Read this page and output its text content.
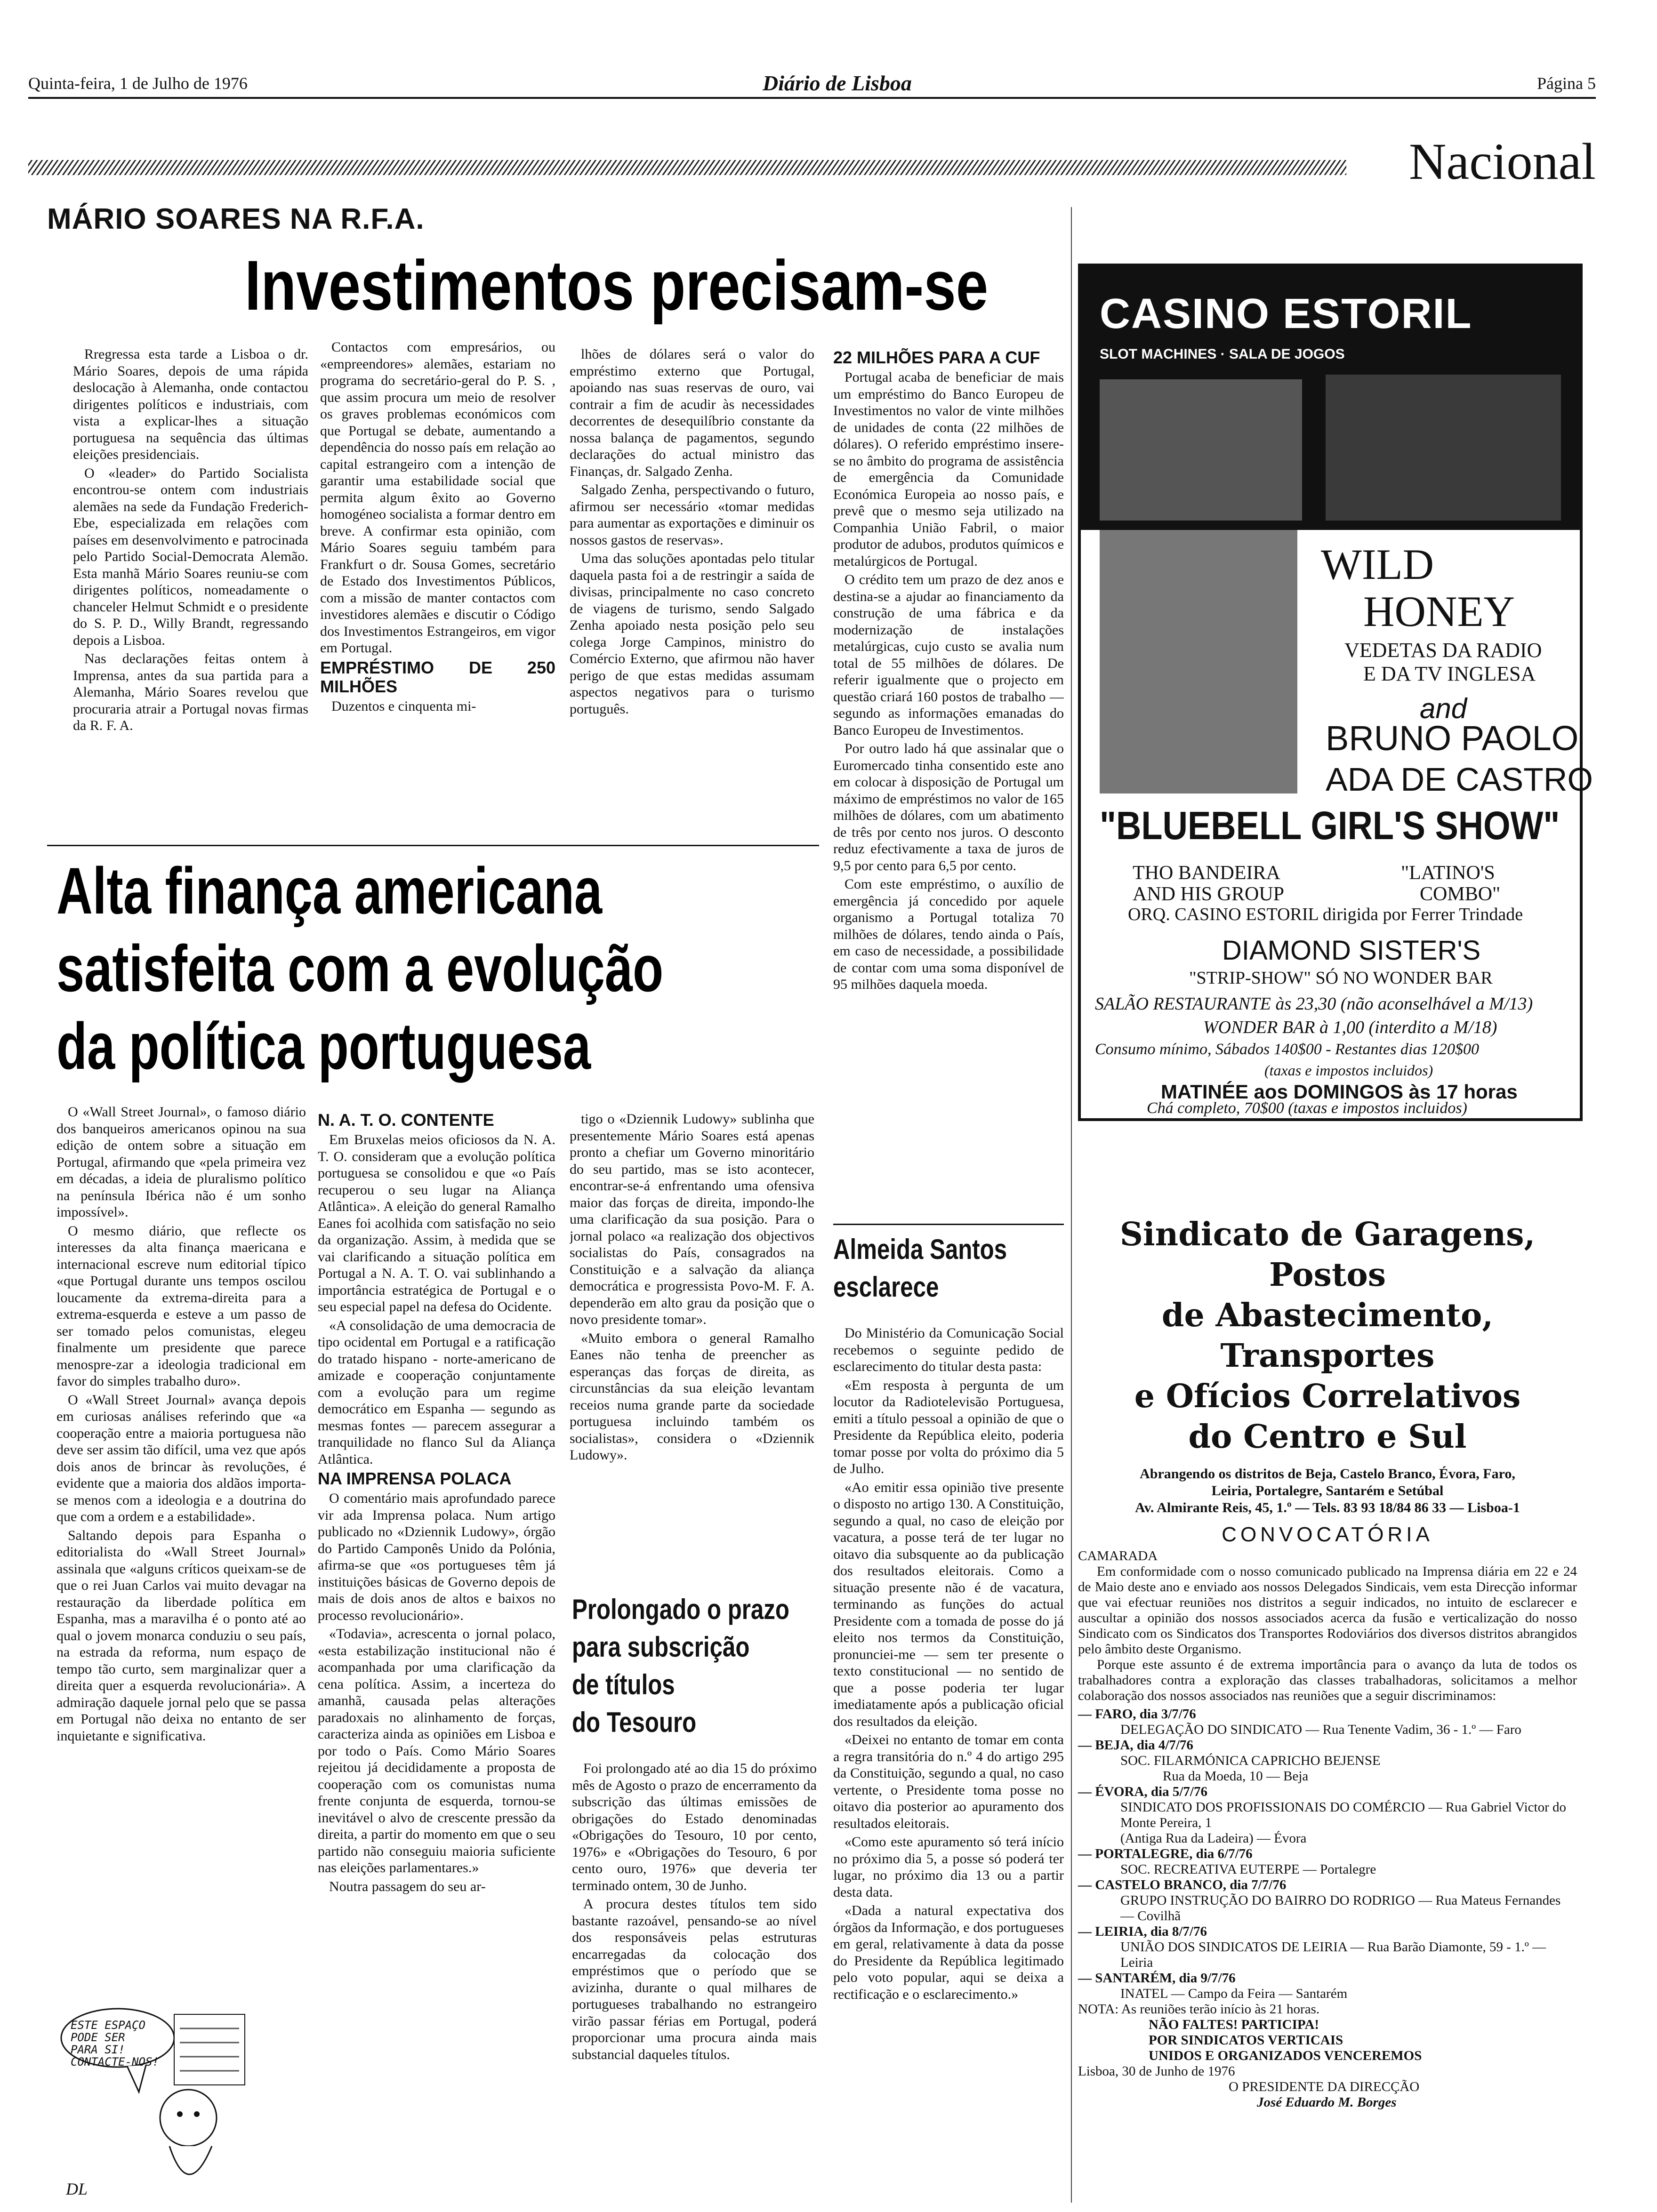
Quinta-feira, 1 de Julho de 1976	Diário de Lisboa	Página 5
Nacional
MÁRIO SOARES NA R.F.A.
Investimentos precisam-se

Rregressa esta tarde a Lisboa o dr. Mário Soares, depois de uma rápida deslocação à Alemanha, onde contactou dirigentes políticos e industriais, com vista a explicar-lhes a situação portuguesa na sequência das últimas eleições presidenciais.

O «leader» do Partido Socialista encontrou-se ontem com industriais alemães na sede da Fundação Frederich-Ebe, especializada em relações com países em desenvolvimento e patrocinada pelo Partido Social-Democrata Alemão. Esta manhã Mário Soares reuniu-se com dirigentes políticos, nomeadamente o chanceler Helmut Schmidt e o presidente do S. P. D., Willy Brandt, regressando depois a Lisboa.

Nas declarações feitas ontem à Imprensa, antes da sua partida para a Alemanha, Mário Soares revelou que procuraria atrair a Portugal novas firmas da R. F. A.

Contactos com empresários, ou «empreendores» alemães, estariam no programa do secretário-geral do P. S. , que assim procura um meio de resolver os graves problemas económicos com que Portugal se debate, aumentando a dependência do nosso país em relação ao capital estrangeiro com a intenção de garantir uma estabilidade social que permita algum êxito ao Governo homogéneo socialista a formar dentro em breve. A confirmar esta opinião, com Mário Soares seguiu também para Frankfurt o dr. Sousa Gomes, secretário de Estado dos Investimentos Públicos, com a missão de manter contactos com investidores alemães e discutir o Código dos Investimentos Estrangeiros, em vigor em Portugal.

EMPRÉSTIMO DE 250 MILHÕES

Duzentos e cinquenta mi-

lhões de dólares será o valor do empréstimo externo que Portugal, apoiando nas suas reservas de ouro, vai contrair a fim de acudir às necessidades decorrentes de desequilíbrio constante da nossa balança de pagamentos, segundo declarações do actual ministro das Finanças, dr. Salgado Zenha.

Salgado Zenha, perspectivando o futuro, afirmou ser necessário «tomar medidas para aumentar as exportações e diminuir os nossos gastos de reservas».

Uma das soluções apontadas pelo titular daquela pasta foi a de restringir a saída de divisas, principalmente no caso concreto de viagens de turismo, sendo Salgado Zenha apoiado nesta posição pelo seu colega Jorge Campinos, ministro do Comércio Externo, que afirmou não haver perigo de que estas medidas assumam aspectos negativos para o turismo português.

22 MILHÕES PARA A CUF

Portugal acaba de beneficiar de mais um empréstimo do Banco Europeu de Investimentos no valor de vinte milhões de unidades de conta (22 milhões de dólares). O referido empréstimo insere-se no âmbito do programa de assistência de emergência da Comunidade Económica Europeia ao nosso país, e prevê que o mesmo seja utilizado na Companhia União Fabril, o maior produtor de adubos, produtos químicos e metalúrgicos de Portugal.

O crédito tem um prazo de dez anos e destina-se a ajudar ao financiamento da construção de uma fábrica e da modernização de instalações metalúrgicas, cujo custo se avalia num total de 55 milhões de dólares. De referir igualmente que o projecto em questão criará 160 postos de trabalho — segundo as informações emanadas do Banco Europeu de Investimentos.

Por outro lado há que assinalar que o Euromercado tinha consentido este ano em colocar à disposição de Portugal um máximo de empréstimos no valor de 165 milhões de dólares, com um abatimento de três por cento nos juros. O desconto reduz efectivamente a taxa de juros de 9,5 por cento para 6,5 por cento.

Com este empréstimo, o auxílio de emergência já concedido por aquele organismo a Portugal totaliza 70 milhões de dólares, tendo ainda o País, em caso de necessidade, a possibilidade de contar com uma soma disponível de 95 milhões daquela moeda.

Alta finança americana
satisfeita com a evolução
da política portuguesa

O «Wall Street Journal», o famoso diário dos banqueiros americanos opinou na sua edição de ontem sobre a situação em Portugal, afirmando que «pela primeira vez em décadas, a ideia de pluralismo político na península Ibérica não é um sonho impossível».

O mesmo diário, que reflecte os interesses da alta finança maericana e internacional escreve num editorial típico «que Portugal durante uns tempos oscilou loucamente da extrema-direita para a extrema-esquerda e esteve a um passo de ser tomado pelos comunistas, elegeu finalmente um presidente que parece menospre-zar a ideologia tradicional em favor do simples trabalho duro».

O «Wall Street Journal» avança depois em curiosas análises referindo que «a cooperação entre a maioria portuguesa não deve ser assim tão difícil, uma vez que após dois anos de brincar às revoluções, é evidente que a maioria dos aldãos importa-se menos com a ideologia e a doutrina do que com a ordem e a estabilidade».

Saltando depois para Espanha o editorialista do «Wall Street Journal» assinala que «alguns críticos queixam-se de que o rei Juan Carlos vai muito devagar na restauração da liberdade política em Espanha, mas a maravilha é o ponto até ao qual o jovem monarca conduziu o seu país, na estrada da reforma, num espaço de tempo tão curto, sem marginalizar quer a direita quer a esquerda revolucionária». A admiração daquele jornal pelo que se passa em Portugal não deixa no entanto de ser inquietante e significativa.

N. A. T. O. CONTENTE

Em Bruxelas meios oficiosos da N. A. T. O. consideram que a evolução política portuguesa se consolidou e que «o País recuperou o seu lugar na Aliança Atlântica». A eleição do general Ramalho Eanes foi acolhida com satisfação no seio da organização. Assim, à medida que se vai clarificando a situação política em Portugal a N. A. T. O. vai sublinhando a importância estratégica de Portugal e o seu especial papel na defesa do Ocidente.

«A consolidação de uma democracia de tipo ocidental em Portugal e a ratificação do tratado hispano - norte-americano de amizade e cooperação conjuntamente com a evolução para um regime democrático em Espanha — segundo as mesmas fontes — parecem assegurar a tranquilidade no flanco Sul da Aliança Atlântica.

NA IMPRENSA POLACA

O comentário mais aprofundado parece vir ada Imprensa polaca. Num artigo publicado no «Dziennik Ludowy», órgão do Partido Camponês Unido da Polónia, afirma-se que «os portugueses têm já instituições básicas de Governo depois de mais de dois anos de altos e baixos no processo revolucionário».

«Todavia», acrescenta o jornal polaco, «esta estabilização institucional não é acompanhada por uma clarificação da cena política. Assim, a incerteza do amanhã, causada pelas alterações paradoxais no alinhamento de forças, caracteriza ainda as opiniões em Lisboa e por todo o País. Como Mário Soares rejeitou já decididamente a proposta de cooperação com os comunistas numa frente conjunta de esquerda, tornou-se inevitável o alvo de crescente pressão da direita, a partir do momento em que o seu partido não conseguiu maioria suficiente nas eleições parlamentares.»

Noutra passagem do seu ar-

tigo o «Dziennik Ludowy» sublinha que presentemente Mário Soares está apenas pronto a chefiar um Governo minoritário do seu partido, mas se isto acontecer, encontrar-se-á enfrentando uma ofensiva maior das forças de direita, impondo-lhe uma clarificação da sua posição. Para o jornal polaco «a realização dos objectivos socialistas do País, consagrados na Constituição e a salvação da aliança democrática e progressista Povo-M. F. A. dependerão em alto grau da posição que o novo presidente tomar».

«Muito embora o general Ramalho Eanes não tenha de preencher as esperanças das forças de direita, as circunstâncias da sua eleição levantam receios numa grande parte da sociedade portuguesa incluindo também os socialistas», considera o «Dziennik Ludowy».

Prolongado o prazo
para subscrição
de títulos
do Tesouro

Foi prolongado até ao dia 15 do próximo mês de Agosto o prazo de encerramento da subscrição das últimas emissões de obrigações do Estado denominadas «Obrigações do Tesouro, 10 por cento, 1976» e «Obrigações do Tesouro, 6 por cento ouro, 1976» que deveria ter terminado ontem, 30 de Junho.

A procura destes títulos tem sido bastante razoável, pensando-se ao nível dos responsáveis pelas estruturas encarregadas da colocação dos empréstimos que o período que se avizinha, durante o qual milhares de portugueses trabalhando no estrangeiro virão passar férias em Portugal, poderá proporcionar uma procura ainda mais substancial daqueles títulos.

Almeida Santos
esclarece

Do Ministério da Comunicação Social recebemos o seguinte pedido de esclarecimento do titular desta pasta:

«Em resposta à pergunta de um locutor da Radiotelevisão Portuguesa, emiti a título pessoal a opinião de que o Presidente da República eleito, poderia tomar posse por volta do próximo dia 5 de Julho.

«Ao emitir essa opinião tive presente o disposto no artigo 130. A Constituição, segundo a qual, no caso de eleição por vacatura, a posse terá de ter lugar no oitavo dia subsquente ao da publicação dos resultados eleitorais. Como a situação presente não é de vacatura, terminando as funções do actual Presidente com a tomada de posse do já eleito nos termos da Constituição, pronunciei-me — sem ter presente o texto constitucional — no sentido de que a posse poderia ter lugar imediatamente após a publicação oficial dos resultados da eleição.

«Deixei no entanto de tomar em conta a regra transitória do n.º 4 do artigo 295 da Constituição, segundo a qual, no caso vertente, o Presidente toma posse no oitavo dia posterior ao apuramento dos resultados eleitorais.

«Como este apuramento só terá início no próximo dia 5, a posse só poderá ter lugar, no próximo dia 13 ou a partir desta data.

«Dada a natural expectativa dos órgãos da Informação, e dos portugueses em geral, relativamente à data da posse do Presidente da República legitimado pelo voto popular, aqui se deixa a rectificação e o esclarecimento.»

CASINO ESTORIL
SLOT MACHINES · SALA DE JOGOS
WILD
HONEY
VEDETAS DA RADIO
E DA TV INGLESA
and
BRUNO PAOLO
ADA DE CASTRO
"BLUEBELL GIRL'S SHOW"
THO BANDEIRA
AND HIS GROUP
"LATINO'S
COMBO"
ORQ. CASINO ESTORIL dirigida por Ferrer Trindade
DIAMOND SISTER'S
"STRIP-SHOW" SÓ NO WONDER BAR
SALÃO RESTAURANTE às 23,30 (não aconselhável a M/13)
WONDER BAR à 1,00 (interdito a M/18)
Consumo mínimo, Sábados 140$00 - Restantes dias 120$00
(taxas e impostos incluidos)
MATINÉE aos DOMINGOS às 17 horas
Chá completo, 70$00 (taxas e impostos incluidos)
Sindicato de Garagens, Postos
de Abastecimento, Transportes
e Ofícios Correlativos
do Centro e Sul
Abrangendo os distritos de Beja, Castelo Branco, Évora, Faro,
Leiria, Portalegre, Santarém e Setúbal
Av. Almirante Reis, 45, 1.º — Tels. 83 93 18/84 86 33 — Lisboa-1
CONVOCATÓRIA
CAMARADA
Em conformidade com o nosso comunicado publicado na Imprensa diária em 22 e 24 de Maio deste ano e enviado aos nossos Delegados Sindicais, vem esta Direcção informar que vai efectuar reuniões nos distritos a seguir indicados, no intuito de esclarecer e auscultar a opinião dos nossos associados acerca da fusão e verticalização do nosso Sindicato com os Sindicatos dos Transportes Rodoviários dos diversos distritos abrangidos pelo âmbito deste Organismo.
Porque este assunto é de extrema importância para o avanço da luta de todos os trabalhadores contra a exploração das classes trabalhadoras, solicitamos a melhor colaboração dos nossos associados nas reuniões que a seguir discriminamos:
— FARO, dia 3/7/76
DELEGAÇÃO DO SINDICATO — Rua Tenente Vadim, 36 - 1.º — Faro
— BEJA, dia 4/7/76
SOC. FILARMÓNICA CAPRICHO BEJENSE
Rua da Moeda, 10 — Beja
— ÉVORA, dia 5/7/76
SINDICATO DOS PROFISSIONAIS DO COMÉRCIO — Rua Gabriel Victor do Monte Pereira, 1
(Antiga Rua da Ladeira) — Évora
— PORTALEGRE, dia 6/7/76
SOC. RECREATIVA EUTERPE — Portalegre
— CASTELO BRANCO, dia 7/7/76
GRUPO INSTRUÇÃO DO BAIRRO DO RODRIGO — Rua Mateus Fernandes — Covilhã
— LEIRIA, dia 8/7/76
UNIÃO DOS SINDICATOS DE LEIRIA — Rua Barão Diamonte, 59 - 1.º — Leiria
— SANTARÉM, dia 9/7/76
INATEL — Campo da Feira — Santarém
NOTA: As reuniões terão início às 21 horas.
NÃO FALTES! PARTICIPA!
POR SINDICATOS VERTICAIS
UNIDOS E ORGANIZADOS VENCEREMOS
Lisboa, 30 de Junho de 1976
O PRESIDENTE DA DIRECÇÃO
José Eduardo M. Borges
ESTE ESPAÇO
PODE SER
PARA SI!
CONTACTE-NOS!
DL
